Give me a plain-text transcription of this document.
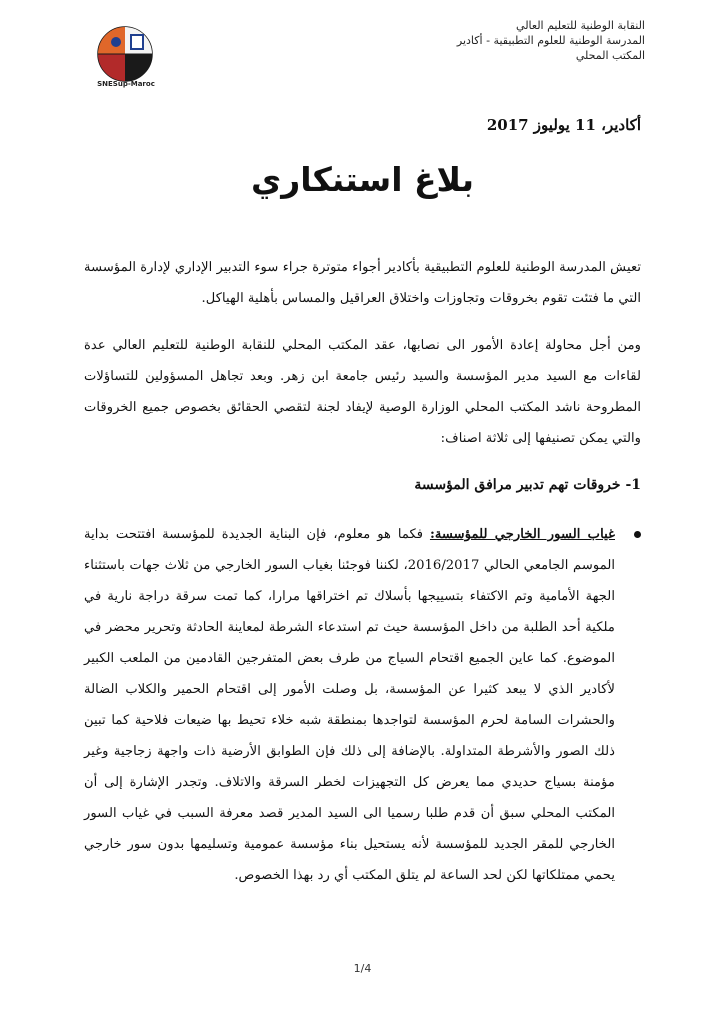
SNESup-Maroc
النقابة الوطنية للتعليم العالي
المدرسة الوطنية للعلوم التطبيقية - أكادير
المكتب المحلي
أكادير، 11 يوليوز 2017
بلاغ استنكاري

تعيش المدرسة الوطنية للعلوم التطبيقية بأكادير أجواء متوترة جراء سوء التدبير الإداري لإدارة المؤسسة التي ما فتئت تقوم بخروقات وتجاوزات واختلاق العراقيل والمساس بأهلية الهياكل.

ومن أجل محاولة إعادة الأمور الى نصابها، عقد المكتب المحلي للنقابة الوطنية للتعليم العالي عدة لقاءات مع السيد مدير المؤسسة والسيد رئيس جامعة ابن زهر. وبعد تجاهل المسؤولين للتساؤلات المطروحة ناشد المكتب المحلي الوزارة الوصية لإيفاد لجنة لتقصي الحقائق بخصوص جميع الخروقات والتي يمكن تصنيفها إلى ثلاثة اصناف:

1- خروقات تهم تدبير مرافق المؤسسة
غياب السور الخارجي للمؤسسة: فكما هو معلوم، فإن البناية الجديدة للمؤسسة افتتحت بداية الموسم الجامعي الحالي 2016/2017، لكننا فوجئنا بغياب السور الخارجي من ثلاث جهات باستثناء الجهة الأمامية وتم الاكتفاء بتسييجها بأسلاك تم اختراقها مرارا، كما تمت سرقة دراجة نارية في ملكية أحد الطلبة من داخل المؤسسة حيث تم استدعاء الشرطة لمعاينة الحادثة وتحرير محضر في الموضوع. كما عاين الجميع اقتحام السياج من طرف بعض المتفرجين القادمين من الملعب الكبير لأكادير الذي لا يبعد كثيرا عن المؤسسة، بل وصلت الأمور إلى اقتحام الحمير والكلاب الضالة والحشرات السامة لحرم المؤسسة لتواجدها بمنطقة شبه خلاء تحيط بها ضيعات فلاحية كما تبين ذلك الصور والأشرطة المتداولة. بالإضافة إلى ذلك فإن الطوابق الأرضية ذات واجهة زجاجية وغير مؤمنة بسياج حديدي مما يعرض كل التجهيزات لخطر السرقة والاتلاف. وتجدر الإشارة إلى أن المكتب المحلي سبق أن قدم طلبا رسميا الى السيد المدير قصد معرفة السبب في غياب السور الخارجي للمقر الجديد للمؤسسة لأنه يستحيل بناء مؤسسة عمومية وتسليمها بدون سور خارجي يحمي ممتلكاتها لكن لحد الساعة لم يتلق المكتب أي رد بهذا الخصوص.
1/4
